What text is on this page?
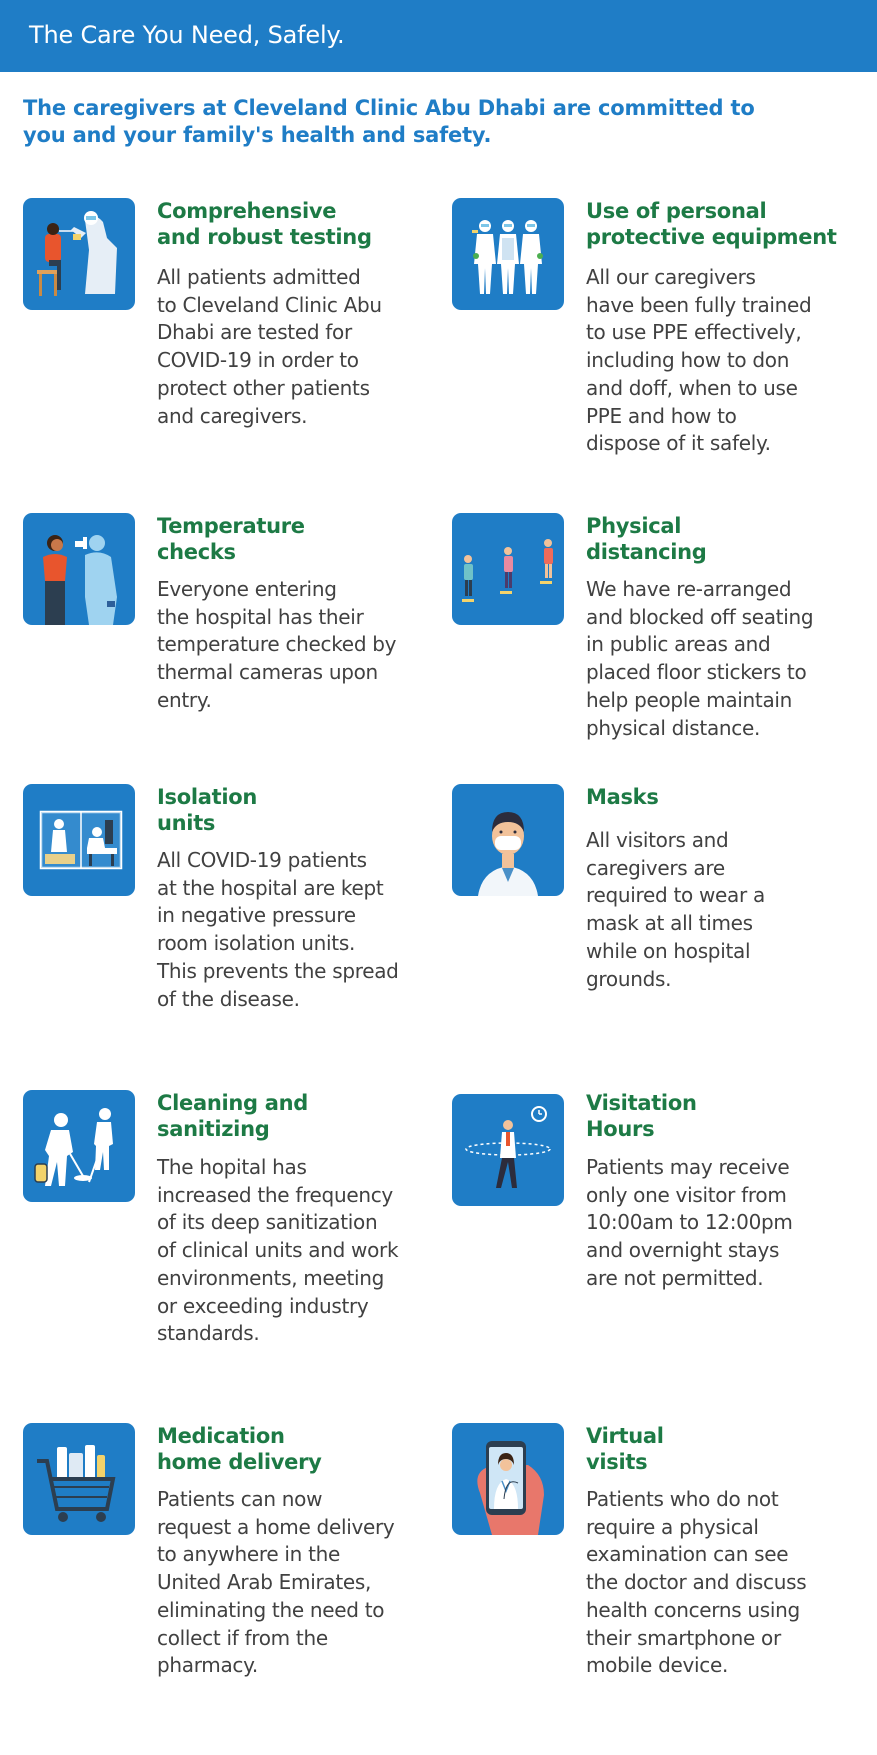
The Care You Need, Safely.
The caregivers at Cleveland Clinic Abu Dhabi are committed to
you and your family's health and safety.
Comprehensive
and robust testing
All patients admitted
to Cleveland Clinic Abu
Dhabi are tested for
COVID-19 in order to
protect other patients
and caregivers.
Use of personal
protective equipment
All our caregivers
have been fully trained
to use PPE effectively,
including how to don
and doff, when to use
PPE and how to
dispose of it safely.
Temperature
checks
Everyone entering
the hospital has their
temperature checked by
thermal cameras upon
entry.
Physical
distancing
We have re-arranged
and blocked off seating
in public areas and
placed floor stickers to
help people maintain
physical distance.
Isolation
units
All COVID-19 patients
at the hospital are kept
in negative pressure
room isolation units.
This prevents the spread
of the disease.
Masks
All visitors and
caregivers are
required to wear a
mask at all times
while on hospital
grounds.
Cleaning and
sanitizing
The hopital has
increased the frequency
of its deep sanitization
of clinical units and work
environments, meeting
or exceeding industry
standards.
Visitation
Hours
Patients may receive
only one visitor from
10:00am to 12:00pm
and overnight stays
are not permitted.
Medication
home delivery
Patients can now
request a home delivery
to anywhere in the
United Arab Emirates,
eliminating the need to
collect if from the
pharmacy.
Virtual
visits
Patients who do not
require a physical
examination can see
the doctor and discuss
health concerns using
their smartphone or
mobile device.
